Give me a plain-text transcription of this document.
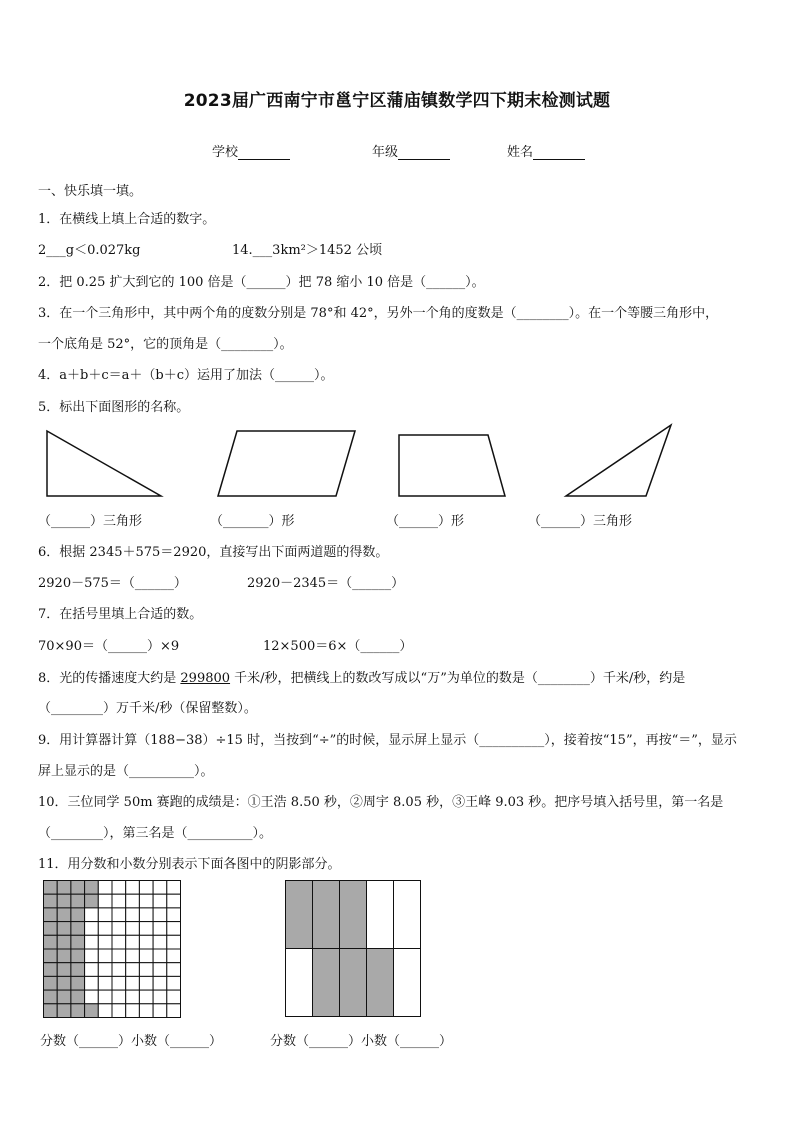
2023届广西南宁市邕宁区蒲庙镇数学四下期末检测试题
学校	年级	姓名
一、快乐填一填。
1．在横线上填上合适的数字。
2___g＜0.027kg	14.___3km²＞1452 公顷
2．把 0.25 扩大到它的 100 倍是（______）把 78 缩小 10 倍是（______）。
3．在一个三角形中，其中两个角的度数分别是 78°和 42°，另外一个角的度数是（________）。在一个等腰三角形中，
一个底角是 52°，它的顶角是（________）。
4．a＋b＋c＝a＋（b＋c）运用了加法（______）。
5．标出下面图形的名称。
（______）三角形	（_______）形	（______）形	（______）三角形
6．根据 2345＋575＝2920，直接写出下面两道题的得数。
2920－575＝（______）	2920－2345＝（______）
7．在括号里填上合适的数。
70×90＝（______）×9	12×500＝6×（______）
8．光的传播速度大约是 299800 千米/秒，把横线上的数改写成以“万”为单位的数是（________）千米/秒，约是
（________）万千米/秒（保留整数）。
9．用计算器计算（188−38）÷15 时，当按到“÷”的时候，显示屏上显示（__________），接着按“15”，再按“＝”，显示
屏上显示的是（__________）。
10．三位同学 50m 赛跑的成绩是：①王浩 8.50 秒，②周宇 8.05 秒，③王峰 9.03 秒。把序号填入括号里，第一名是
（________），第三名是（__________）。
11．用分数和小数分别表示下面各图中的阴影部分。
分数（______）小数（______）	分数（______）小数（______）
